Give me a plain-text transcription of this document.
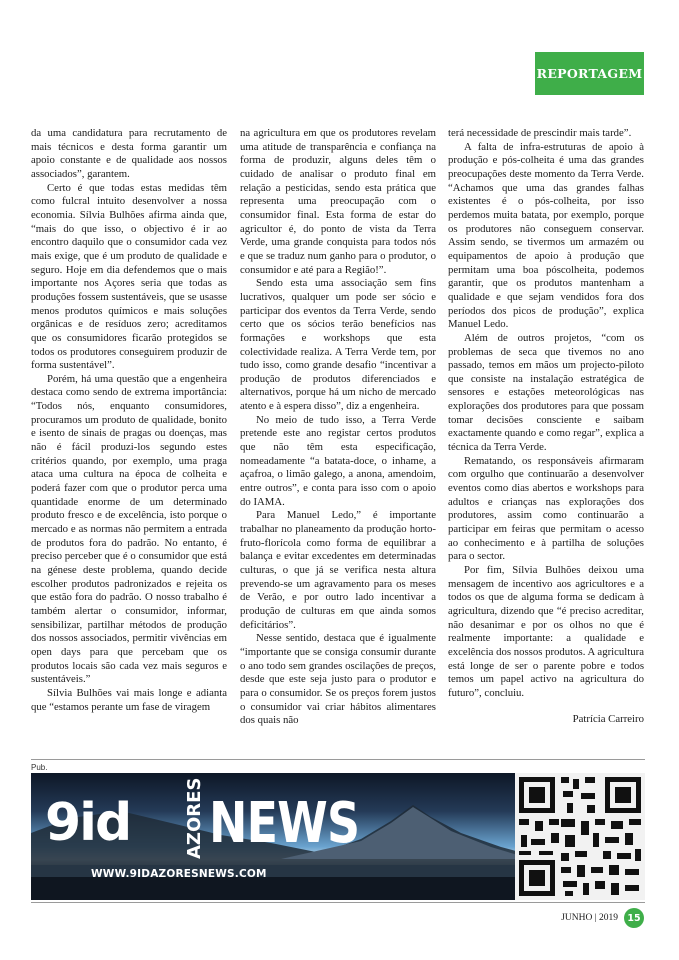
REPORTAGEM

da uma candidatura para recrutamento de mais técnicos e desta forma garantir um apoio constante e de qualidade aos nossos associados”, garantem.

Certo é que todas estas medidas têm como fulcral intuito desenvolver a nossa economia. Sílvia Bulhões afirma ainda que, “mais do que isso, o objectivo é ir ao encontro daquilo que o consumidor cada vez mais exige, que é um produto de qualidade e seguro. Hoje em dia defendemos que o mais importante nos Açores seria que todas as produções fossem sustentáveis, que se usasse menos produtos químicos e mais soluções orgânicas e de resíduos zero; acreditamos que os consumidores ficarão protegidos se todos os produtores conseguirem produzir de forma sustentável”.

Porém, há uma questão que a engenheira destaca como sendo de extrema importância: “Todos nós, enquanto consumidores, procuramos um produto de qualidade, bonito e isento de sinais de pragas ou doenças, mas não é fácil produzi-los segundo estes critérios quando, por exemplo, uma praga ataca uma cultura na época de colheita e poderá fazer com que o produtor perca uma quantidade enorme de um determinado produto fresco e de excelência, isto porque o mercado e as normas não permitem a entrada de produtos fora do padrão. No entanto, é preciso perceber que é o consumidor que está na génese deste problema, quando decide escolher produtos padronizados e rejeita os que estão fora do padrão. O nosso trabalho é também alertar o consumidor, informar, sensibilizar, partilhar métodos de produção dos nossos associados, permitir vivências em open days para que percebam que os produtos locais são cada vez mais seguros e sustentáveis.”

Sílvia Bulhões vai mais longe e adianta que “estamos perante um fase de viragem

na agricultura em que os produtores revelam uma atitude de transparência e confiança na forma de produzir, alguns deles têm o cuidado de analisar o produto final em relação a pesticidas, sendo esta prática que representa uma preocupação com o consumidor final. Esta forma de estar do agricultor é, do ponto de vista da Terra Verde, uma grande conquista para todos nós e que se traduz num ganho para o produtor, o consumidor e até para a Região!”.

Sendo esta uma associação sem fins lucrativos, qualquer um pode ser sócio e participar dos eventos da Terra Verde, sendo certo que os sócios terão benefícios nas formações e workshops que esta colectividade realiza. A Terra Verde tem, por tudo isso, como grande desafio “incentivar a produção de produtos diferenciados e alternativos, porque há um nicho de mercado atento e à espera disso”, diz a engenheira.

No meio de tudo isso, a Terra Verde pretende este ano registar certos produtos que não têm esta especificação, nomeadamente “a batata-doce, o inhame, a açafroa, o limão galego, a anona, amendoim, entre outros”, e conta para isso com o apoio do IAMA.

Para Manuel Ledo,” é importante trabalhar no planeamento da produção horto-fruto-florícola como forma de equilibrar a balança e evitar excedentes em determinadas culturas, o que já se verifica nesta altura prevendo-se um agravamento para os meses de Verão, e por outro lado incentivar a produção de culturas em que ainda somos deficitários”.

Nesse sentido, destaca que é igualmente “importante que se consiga consumir durante o ano todo sem grandes oscilações de preços, desde que este seja justo para o produtor e para o consumidor. Se os preços forem justos o consumidor vai criar hábitos alimentares dos quais não

terá necessidade de prescindir mais tarde”.

A falta de infra-estruturas de apoio à produção e pós-colheita é uma das grandes preocupações deste momento da Terra Verde. “Achamos que uma das grandes falhas existentes é o pós-colheita, por isso perdemos muita batata, por exemplo, porque os produtores não conseguem conservar. Assim sendo, se tivermos um armazém ou equipamentos de apoio à produção que permitam uma boa póscolheita, podemos garantir, que os produtos mantenham a qualidade e que sejam vendidos fora dos períodos dos picos de produção”, explica Manuel Ledo.

Além de outros projetos, “com os problemas de seca que tivemos no ano passado, temos em mãos um projecto-piloto que consiste na instalação estratégica de sensores e estações meteorológicas nas explorações dos produtores para que possam tomar decisões consciente e saibam exactamente quando e como regar”, explica a técnica da Terra Verde.

Rematando, os responsáveis afirmaram com orgulho que continuarão a desenvolver eventos como dias abertos e workshops para adultos e crianças nas explorações dos produtores, assim como continuarão a participar em feiras que permitam o acesso ao conhecimento e à partilha de soluções para o sector.

Por fim, Sílvia Bulhões deixou uma mensagem de incentivo aos agricultores e a todos os que de alguma forma se dedicam à agricultura, dizendo que “é preciso acreditar, não desanimar e por os olhos no que é realmente importante: a qualidade e excelência dos nossos produtos. A agricultura está longe de ser o parente pobre e todos temos um papel activo na agricultura do futuro”, concluiu.

Patrícia Carreiro

Pub.
9id	AZORES NEWS
WWW.9IDAZORESNEWS.COM
JUNHO | 2019 15
